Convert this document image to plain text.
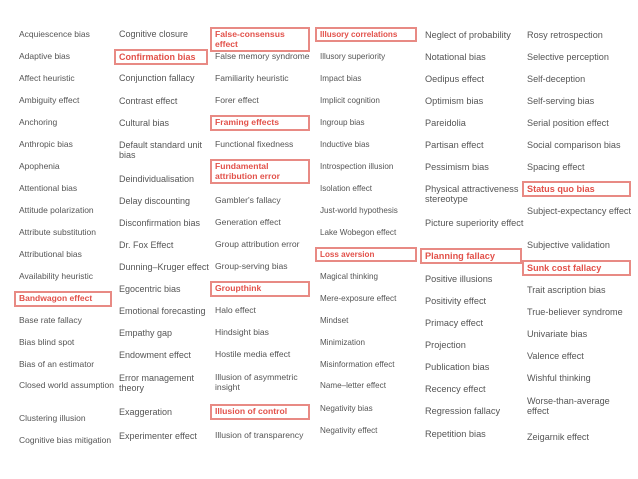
Acquiescence bias
Adaptive bias
Affect heuristic
Ambiguity effect
Anchoring
Anthropic bias
Apophenia
Attentional bias
Attitude polarization
Attribute substitution
Attributional bias
Availability heuristic
Bandwagon effect
Base rate fallacy
Bias blind spot
Bias of an estimator
Closed world assumption
Clustering illusion
Cognitive bias mitigation
Cognitive closure
Confirmation bias
Conjunction fallacy
Contrast effect
Cultural bias
Default standard unit bias
Deindividualisation
Delay discounting
Disconfirmation bias
Dr. Fox Effect
Dunning–Kruger effect
Egocentric bias
Emotional forecasting
Empathy gap
Endowment effect
Error management theory
Exaggeration
Experimenter effect
False-consensus effect
False memory syndrome
Familiarity heuristic
Forer effect
Framing effects
Functional fixedness
Fundamental attribution error
Gambler's fallacy
Generation effect
Group attribution error
Group-serving bias
Groupthink
Halo effect
Hindsight bias
Hostile media effect
Illusion of asymmetric insight
Illusion of control
Illusion of transparency
Illusory correlations
Illusory superiority
Impact bias
Implicit cognition
Ingroup bias
Inductive bias
Introspection illusion
Isolation effect
Just-world hypothesis
Lake Wobegon effect
Loss aversion
Magical thinking
Mere-exposure effect
Mindset
Minimization
Misinformation effect
Name–letter effect
Negativity bias
Negativity effect
Neglect of probability
Notational bias
Oedipus effect
Optimism bias
Pareidolia
Partisan effect
Pessimism bias
Physical attractiveness stereotype
Picture superiority effect
Planning fallacy
Positive illusions
Positivity effect
Primacy effect
Projection
Publication bias
Recency effect
Regression fallacy
Repetition bias
Rosy retrospection
Selective perception
Self-deception
Self-serving bias
Serial position effect
Social comparison bias
Spacing effect
Status quo bias
Subject-expectancy effect
Subjective validation
Sunk cost fallacy
Trait ascription bias
True-believer syndrome
Univariate bias
Valence effect
Wishful thinking
Worse-than-average effect
Zeigarnik effect
